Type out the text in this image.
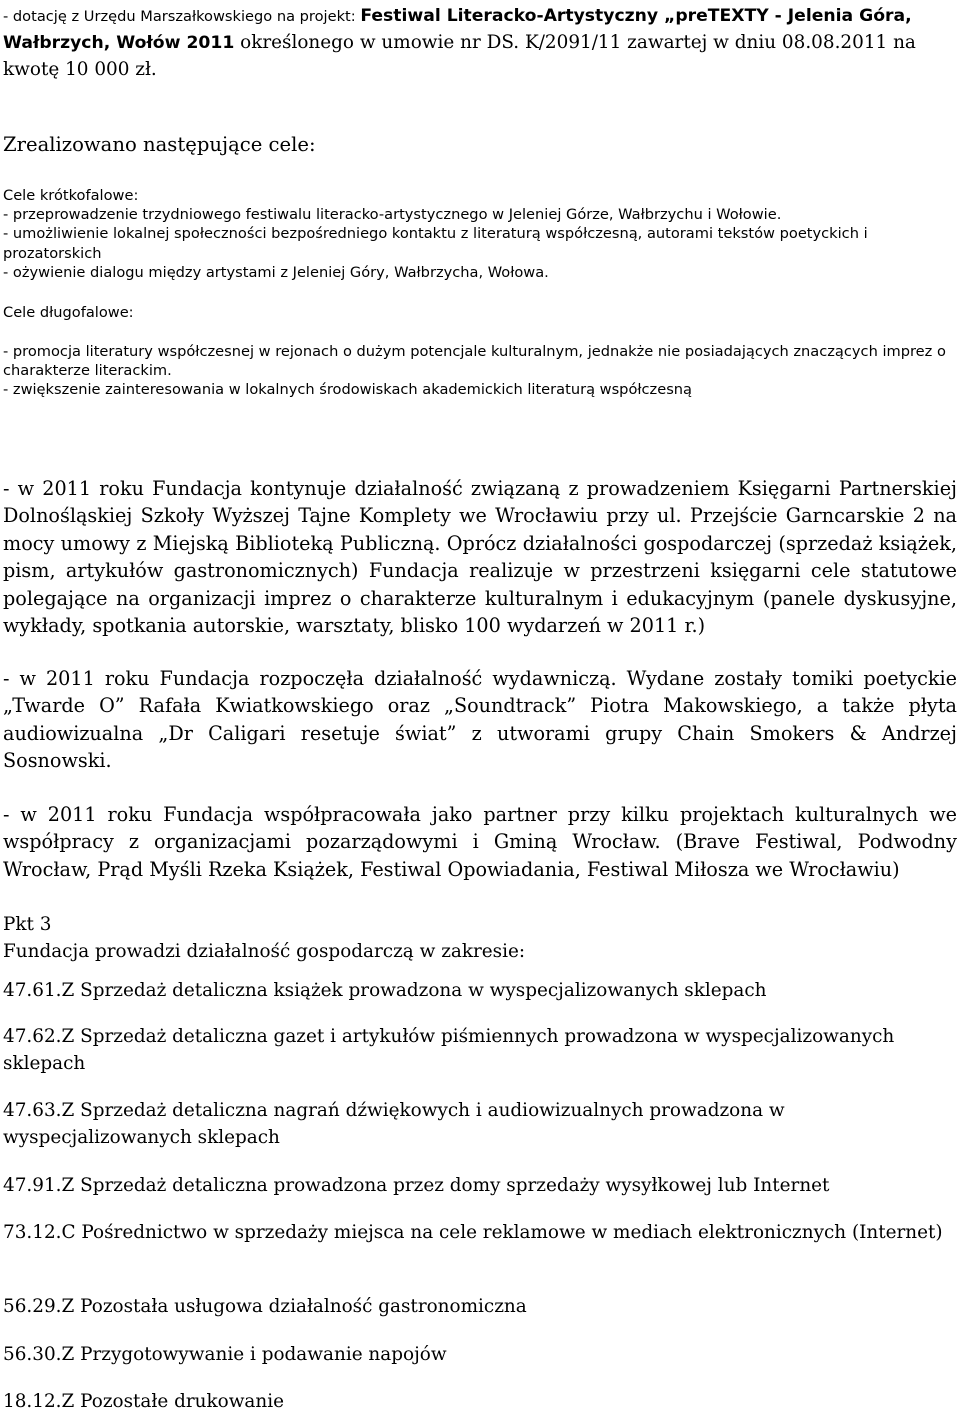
- dotację z Urzędu Marszałkowskiego na projekt: Festiwal Literacko-Artystyczny „preTEXTY - Jelenia Góra, Wałbrzych, Wołów 2011 określonego w umowie nr DS. K/2091/11 zawartej w dniu 08.08.2011 na kwotę 10 000 zł.

Zrealizowano następujące cele:

Cele krótkofalowe:

- przeprowadzenie trzydniowego festiwalu literacko-artystycznego w Jeleniej Górze, Wałbrzychu i Wołowie.

- umożliwienie lokalnej społeczności bezpośredniego kontaktu z literaturą współczesną, autorami tekstów poetyckich i prozatorskich

- ożywienie dialogu między artystami z Jeleniej Góry, Wałbrzycha, Wołowa.

Cele długofalowe:

- promocja literatury współczesnej w rejonach o dużym potencjale kulturalnym, jednakże nie posiadających znaczących imprez o charakterze literackim.

- zwiększenie zainteresowania w lokalnych środowiskach akademickich literaturą współczesną

- w 2011 roku Fundacja kontynuje działalność związaną z prowadzeniem Księgarni Partnerskiej Dolnośląskiej Szkoły Wyższej Tajne Komplety we Wrocławiu przy ul. Przejście Garncarskie 2 na mocy umowy z Miejską Biblioteką Publiczną. Oprócz działalności gospodarczej (sprzedaż książek, pism, artykułów gastronomicznych) Fundacja realizuje w przestrzeni księgarni cele statutowe polegające na organizacji imprez o charakterze kulturalnym i edukacyjnym (panele dyskusyjne, wykłady, spotkania autorskie, warsztaty, blisko 100 wydarzeń w 2011 r.)

- w 2011 roku Fundacja rozpoczęła działalność wydawniczą. Wydane zostały tomiki poetyckie „Twarde O” Rafała Kwiatkowskiego oraz „Soundtrack” Piotra Makowskiego, a także płyta audiowizualna „Dr Caligari resetuje świat” z utworami grupy Chain Smokers & Andrzej Sosnowski.

- w 2011 roku Fundacja współpracowała jako partner przy kilku projektach kulturalnych we współpracy z organizacjami pozarządowymi i Gminą Wrocław. (Brave Festiwal, Podwodny Wrocław, Prąd Myśli Rzeka Książek, Festiwal Opowiadania, Festiwal Miłosza we Wrocławiu)

Pkt 3

Fundacja prowadzi działalność gospodarczą w zakresie:

47.61.Z Sprzedaż detaliczna książek prowadzona w wyspecjalizowanych sklepach

47.62.Z Sprzedaż detaliczna gazet i artykułów piśmiennych prowadzona w wyspecjalizowanych sklepach

47.63.Z Sprzedaż detaliczna nagrań dźwiękowych i audiowizualnych prowadzona w wyspecjalizowanych sklepach

47.91.Z Sprzedaż detaliczna prowadzona przez domy sprzedaży wysyłkowej lub Internet

73.12.C Pośrednictwo w sprzedaży miejsca na cele reklamowe w mediach elektronicznych (Internet)

56.29.Z Pozostała usługowa działalność gastronomiczna

56.30.Z Przygotowywanie i podawanie napojów

18.12.Z Pozostałe drukowanie
